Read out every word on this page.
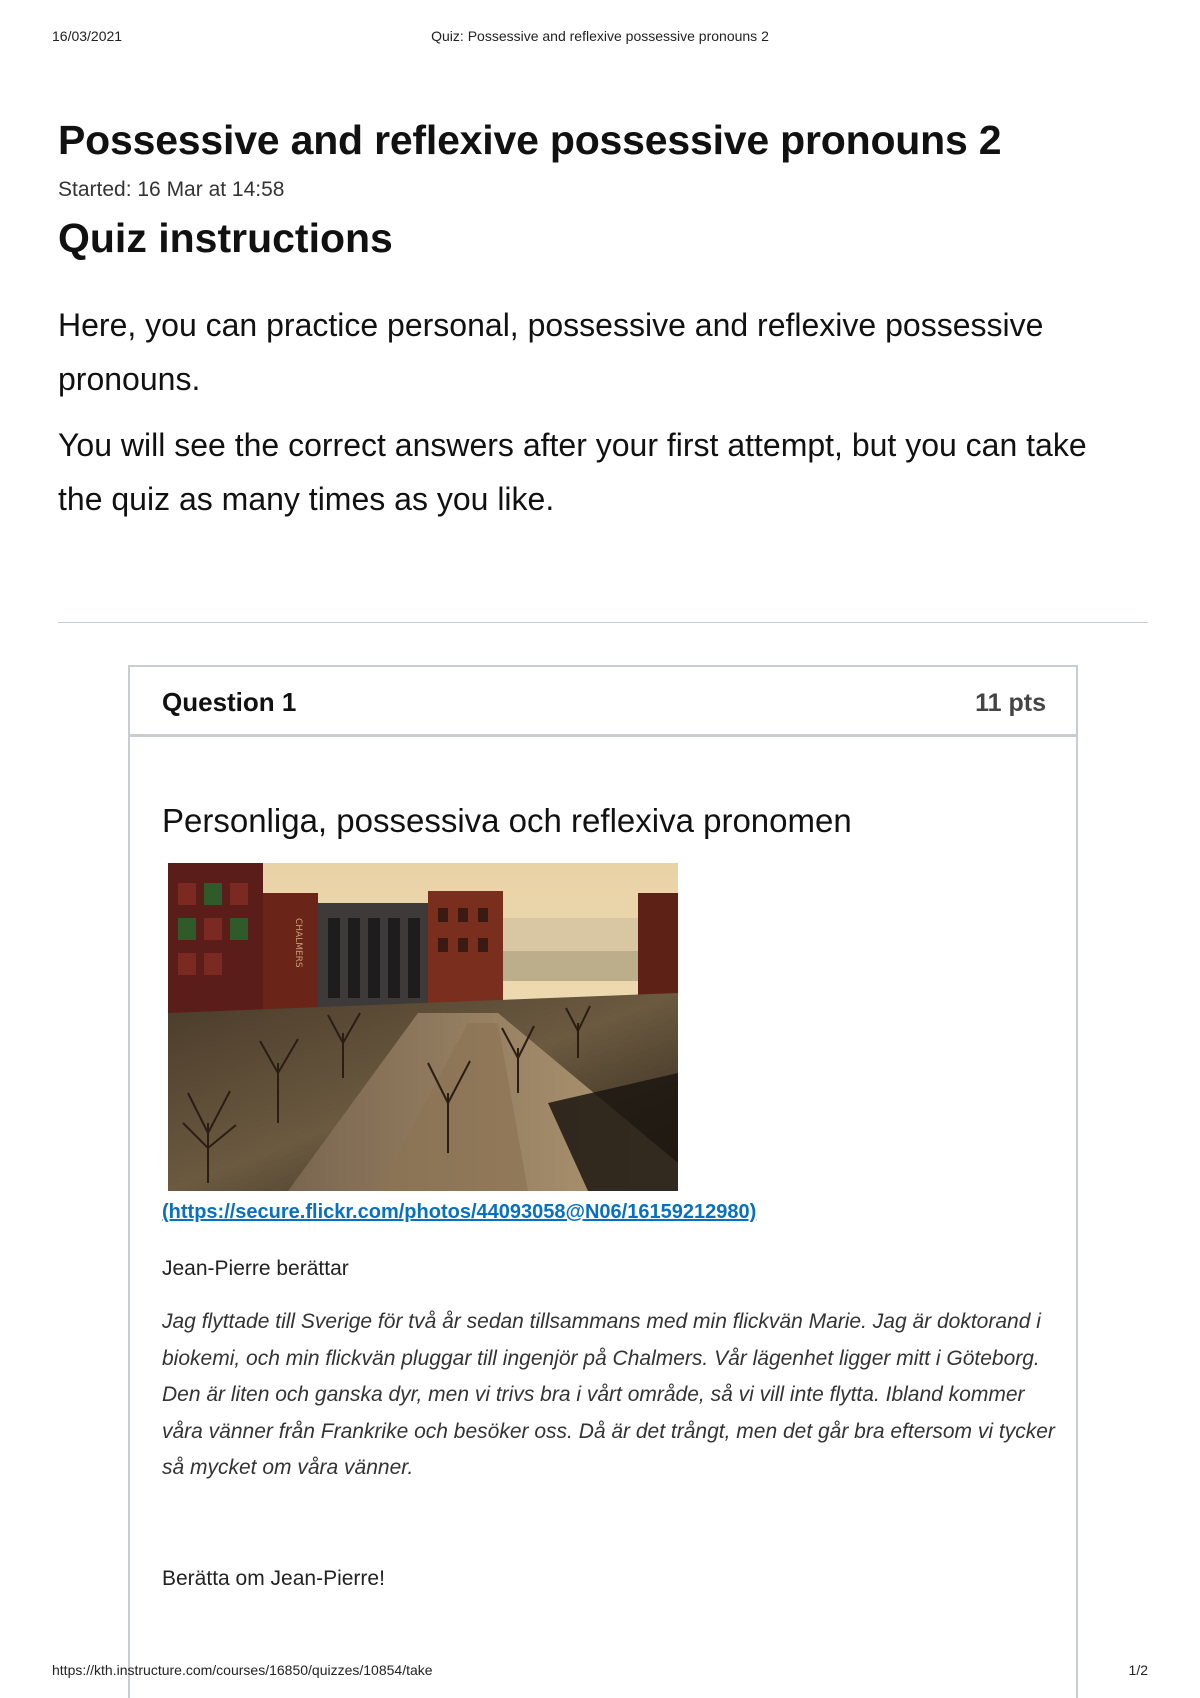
16/03/2021	Quiz: Possessive and reflexive possessive pronouns 2
Possessive and reflexive possessive pronouns 2
Started: 16 Mar at 14:58
Quiz instructions

Here, you can practice personal, possessive and reflexive possessive pronouns.

You will see the correct answers after your first attempt, but you can take the quiz as many times as you like.

Question 1	11 pts
Personliga, possessiva och reflexiva pronomen
CHALMERS
(https://secure.flickr.com/photos/44093058@N06/16159212980)
Jean-Pierre berättar

Jag flyttade till Sverige för två år sedan tillsammans med min flickvän Marie. Jag är doktorand i biokemi, och min flickvän pluggar till ingenjör på Chalmers. Vår lägenhet ligger mitt i Göteborg. Den är liten och ganska dyr, men vi trivs bra i vårt område, så vi vill inte flytta. Ibland kommer våra vänner från Frankrike och besöker oss. Då är det trångt, men det går bra eftersom vi tycker så mycket om våra vänner.

Berätta om Jean-Pierre!
https://kth.instructure.com/courses/16850/quizzes/10854/take	1/2
